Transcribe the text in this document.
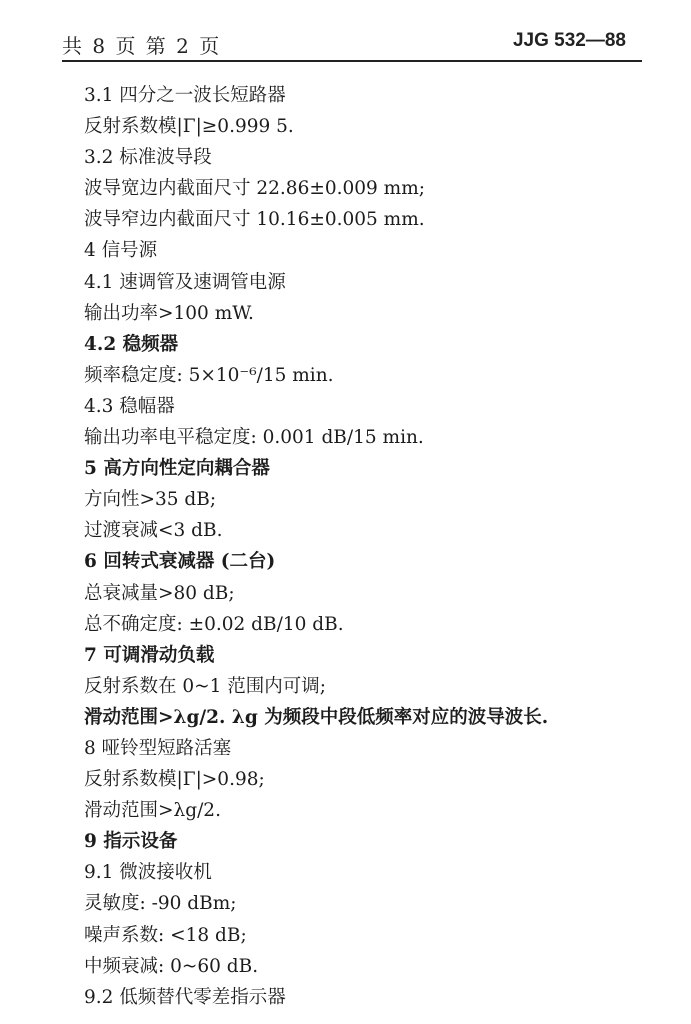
共 8 页 第 2 页	JJG 532—88
3.1 四分之一波长短路器
反射系数模|Γ|≥0.999 5.
3.2 标准波导段
波导宽边内截面尺寸 22.86±0.009 mm;
波导窄边内截面尺寸 10.16±0.005 mm.
4 信号源
4.1 速调管及速调管电源
输出功率>100 mW.
4.2 稳频器
频率稳定度: 5×10⁻⁶/15 min.
4.3 稳幅器
输出功率电平稳定度: 0.001 dB/15 min.
5 高方向性定向耦合器
方向性>35 dB;
过渡衰减<3 dB.
6 回转式衰减器 (二台)
总衰减量>80 dB;
总不确定度: ±0.02 dB/10 dB.
7 可调滑动负载
反射系数在 0~1 范围内可调;
滑动范围>λg/2. λg 为频段中段低频率对应的波导波长.
8 哑铃型短路活塞
反射系数模|Γ|>0.98;
滑动范围>λg/2.
9 指示设备
9.1 微波接收机
灵敏度: -90 dBm;
噪声系数: <18 dB;
中频衰减: 0~60 dB.
9.2 低频替代零差指示器
